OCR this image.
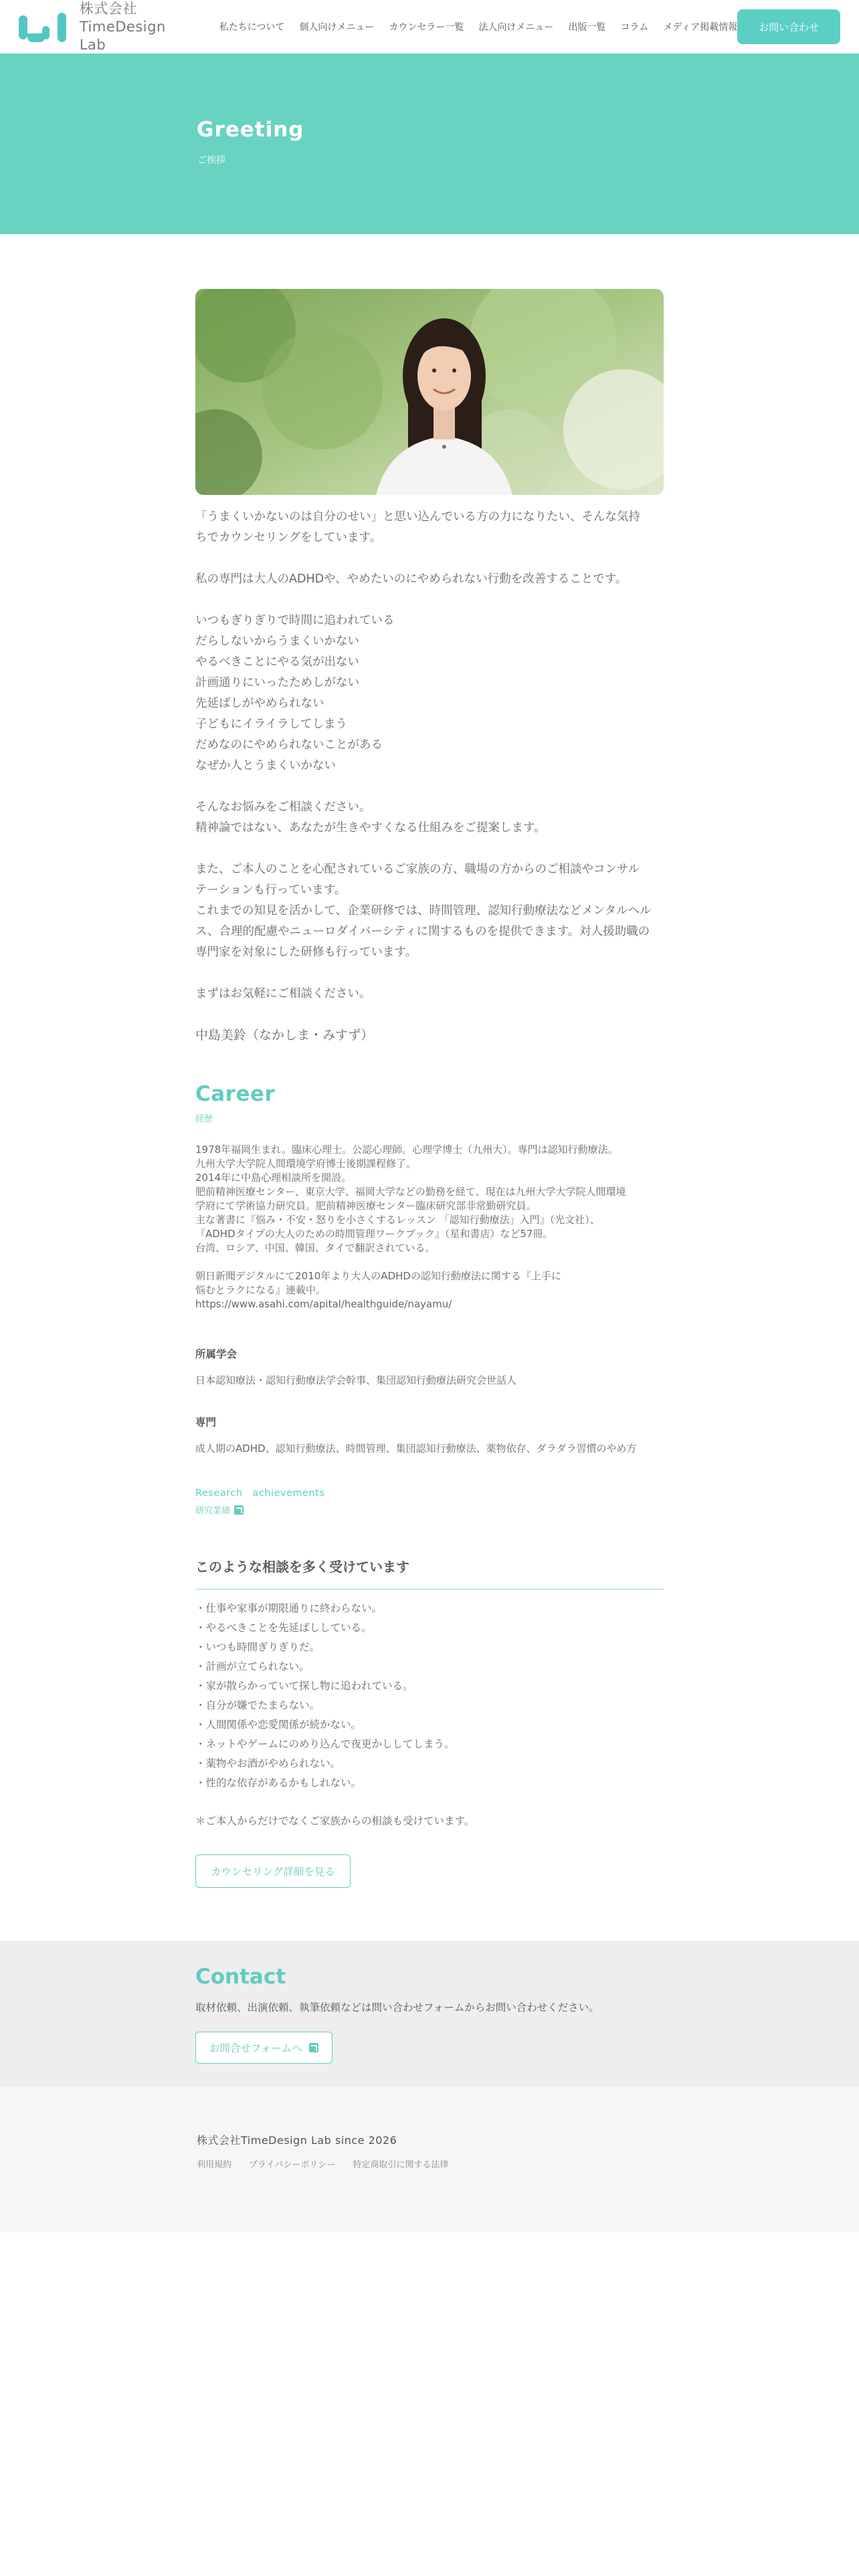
株式会社
TimeDesign Lab
私たちについて 個人向けメニュー カウンセラー一覧 法人向けメニュー 出版一覧 コラム メディア掲載情報	お問い合わせ
Greeting
ご挨拶

「うまくいかないのは自分のせい」と思い込んでいる方の力になりたい、そんな気持
ちでカウンセリングをしています。

私の専門は大人のADHDや、やめたいのにやめられない行動を改善することです。

いつもぎりぎりで時間に追われている
だらしないからうまくいかない
やるべきことにやる気が出ない
計画通りにいったためしがない
先延ばしがやめられない
子どもにイライラしてしまう
だめなのにやめられないことがある
なぜか人とうまくいかない

そんなお悩みをご相談ください。
精神論ではない、あなたが生きやすくなる仕組みをご提案します。

また、ご本人のことを心配されているご家族の方、職場の方からのご相談やコンサル
テーションも行っています。
これまでの知見を活かして、企業研修では、時間管理、認知行動療法などメンタルヘル
ス、合理的配慮やニューロダイバーシティに関するものを提供できます。対人援助職の
専門家を対象にした研修も行っています。

まずはお気軽にご相談ください。

中島美鈴（なかしま・みすず）

Career
経歴
1978年福岡生まれ。臨床心理士。公認心理師。心理学博士（九州大）。専門は認知行動療法。
九州大学大学院人間環境学府博士後期課程修了。
2014年に中島心理相談所を開設。
肥前精神医療センター、東京大学、福岡大学などの勤務を経て、現在は九州大学大学院人間環境
学府にて学術協力研究員。肥前精神医療センター臨床研究部非常勤研究員。
主な著書に『悩み・不安・怒りを小さくするレッスン 「認知行動療法」入門』（光文社）、
『ADHDタイプの大人のための時間管理ワークブック』（星和書店）など57冊。
台湾、ロシア、中国、韓国、タイで翻訳されている。
朝日新聞デジタルにて2010年より大人のADHDの認知行動療法に関する『上手に
悩むとラクになる』連載中。
https://www.asahi.com/apital/healthguide/nayamu/
所属学会
日本認知療法・認知行動療法学会幹事、集団認知行動療法研究会世話人
専門
成人期のADHD、認知行動療法、時間管理、集団認知行動療法、薬物依存、ダラダラ習慣のやめ方
Research　achievements
研究業績
このような相談を多く受けています
・仕事や家事が期限通りに終わらない。
・やるべきことを先延ばししている。
・いつも時間ぎりぎりだ。
・計画が立てられない。
・家が散らかっていて探し物に追われている。
・自分が嫌でたまらない。
・人間関係や恋愛関係が続かない。
・ネットやゲームにのめり込んで夜更かししてしまう。
・薬物やお酒がやめられない。
・性的な依存があるかもしれない。
＊ご本人からだけでなくご家族からの相談も受けています。
カウンセリング詳細を見る
Contact
取材依頼、出演依頼、執筆依頼などは問い合わせフォームからお問い合わせください。
お問合せフォームへ
株式会社TimeDesign Lab since 2026
利用規約 プライバシーポリシー 特定商取引に関する法律
